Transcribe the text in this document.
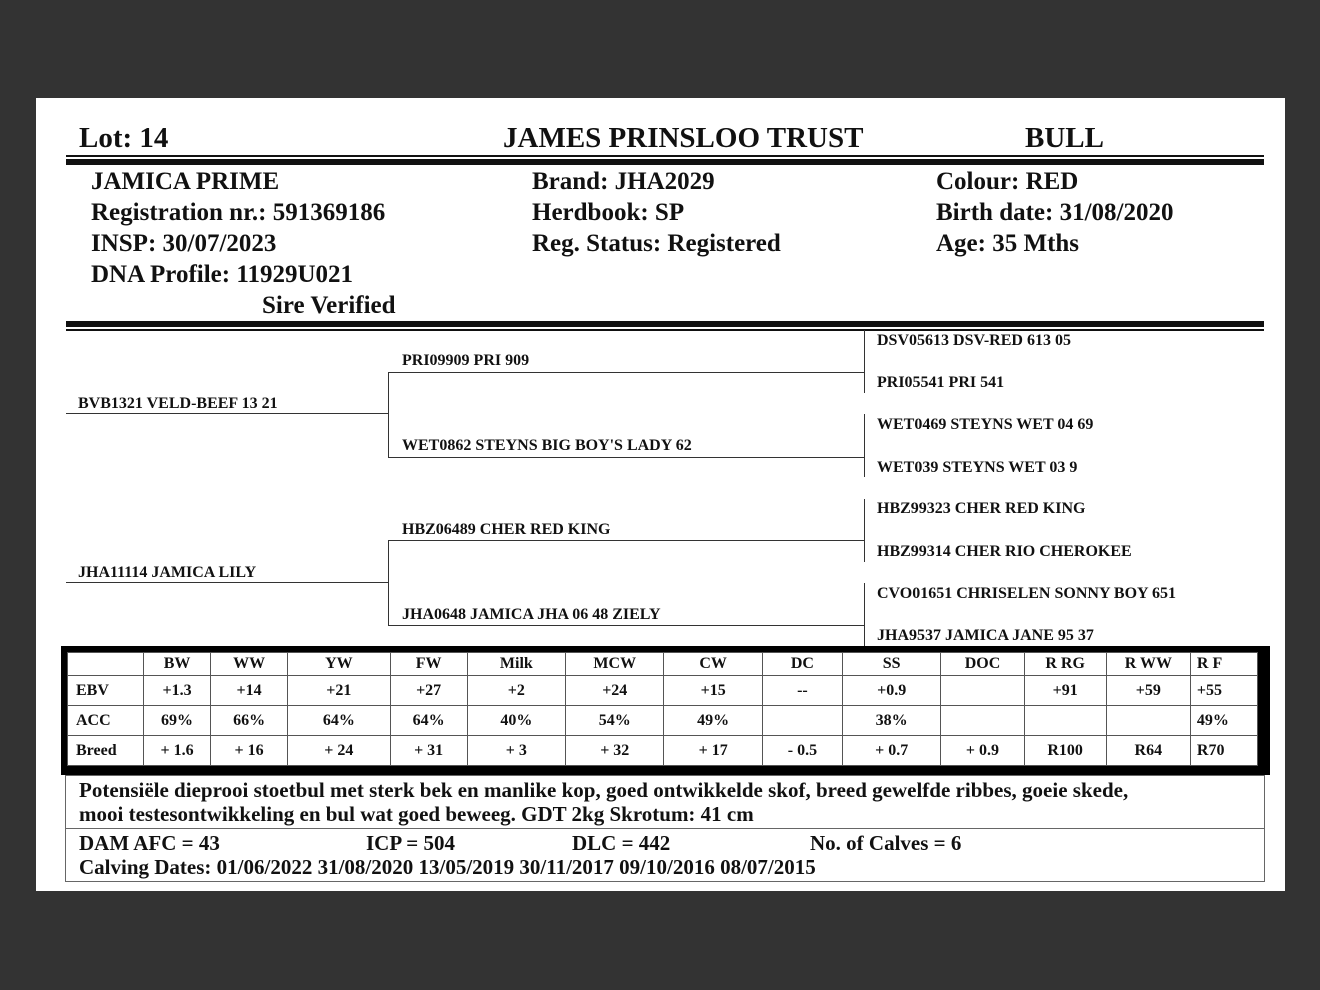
Lot: 14	JAMES PRINSLOO TRUST	BULL
JAMICA PRIME
Registration nr.: 591369186
INSP: 30/07/2023
DNA Profile: 11929U021
Sire Verified
Brand: JHA2029
Herdbook: SP
Reg. Status: Registered
Colour: RED
Birth date: 31/08/2020
Age: 35 Mths
BVB1321 VELD-BEEF 13 21
JHA11114 JAMICA LILY
PRI09909 PRI 909
WET0862 STEYNS BIG BOY'S LADY 62
HBZ06489 CHER RED KING
JHA0648 JAMICA JHA 06 48 ZIELY
DSV05613 DSV-RED 613 05
PRI05541 PRI 541
WET0469 STEYNS WET 04 69
WET039 STEYNS WET 03 9
HBZ99323 CHER RED KING
HBZ99314 CHER RIO CHEROKEE
CVO01651 CHRISELEN SONNY BOY 651
JHA9537 JAMICA JANE 95 37
	BW	WW	YW	FW	Milk	MCW	CW	DC	SS	DOC	R RG	R WW	R F
EBV	+1.3	+14	+21	+27	+2	+24	+15	--	+0.9		+91	+59	+55
ACC	69%	66%	64%	64%	40%	54%	49%		38%				49%
Breed	+ 1.6	+ 16	+ 24	+ 31	+ 3	+ 32	+ 17	- 0.5	+ 0.7	+ 0.9	R100	R64	R70
Potensiële dieprooi stoetbul met sterk bek en manlike kop, goed ontwikkelde skof, breed gewelfde ribbes, goeie skede,
mooi testesontwikkeling en bul wat goed beweeg. GDT 2kg Skrotum: 41 cm
DAM AFC = 43	ICP = 504	DLC = 442	No. of Calves = 6
Calving Dates: 01/06/2022 31/08/2020 13/05/2019 30/11/2017 09/10/2016 08/07/2015
